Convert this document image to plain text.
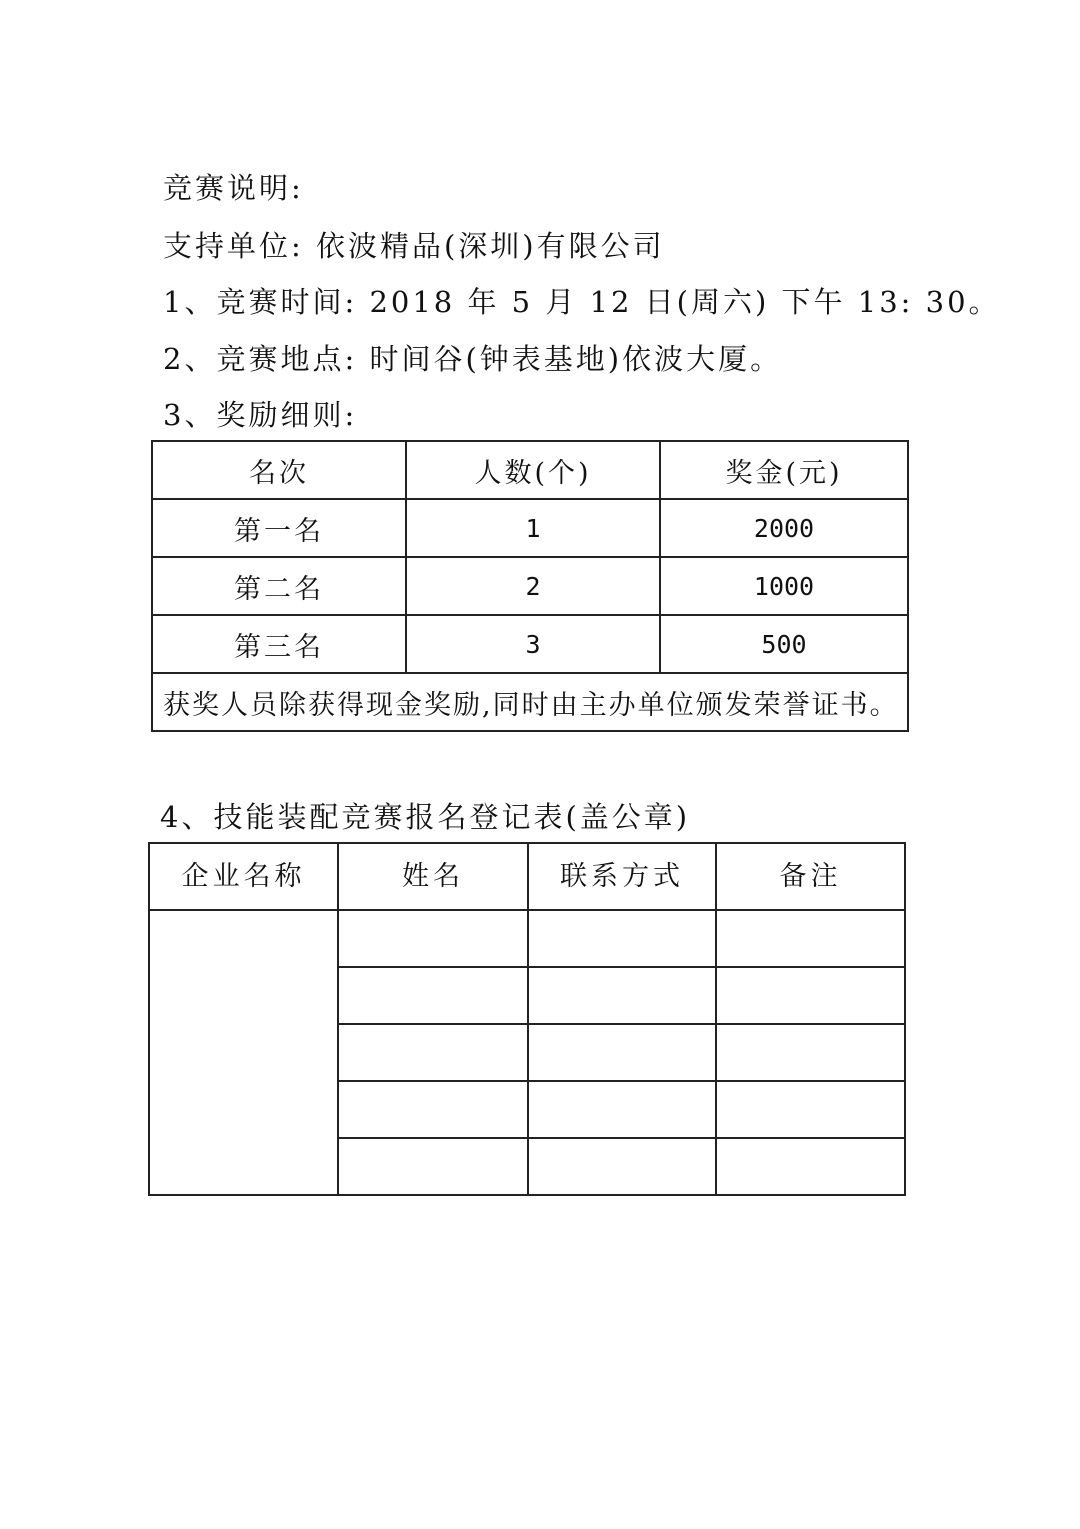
竞赛说明:
支持单位: 依波精品(深圳)有限公司
1、竞赛时间: 2018 年 5 月 12 日(周六) 下午 13: 30。
2、竞赛地点: 时间谷(钟表基地)依波大厦。
3、奖励细则:
名次	人数(个)	奖金(元)
第一名	1	2000
第二名	2	1000
第三名	3	500
获奖人员除获得现金奖励,同时由主办单位颁发荣誉证书。		
4、技能装配竞赛报名登记表(盖公章)
企业名称	姓名	联系方式	备注
